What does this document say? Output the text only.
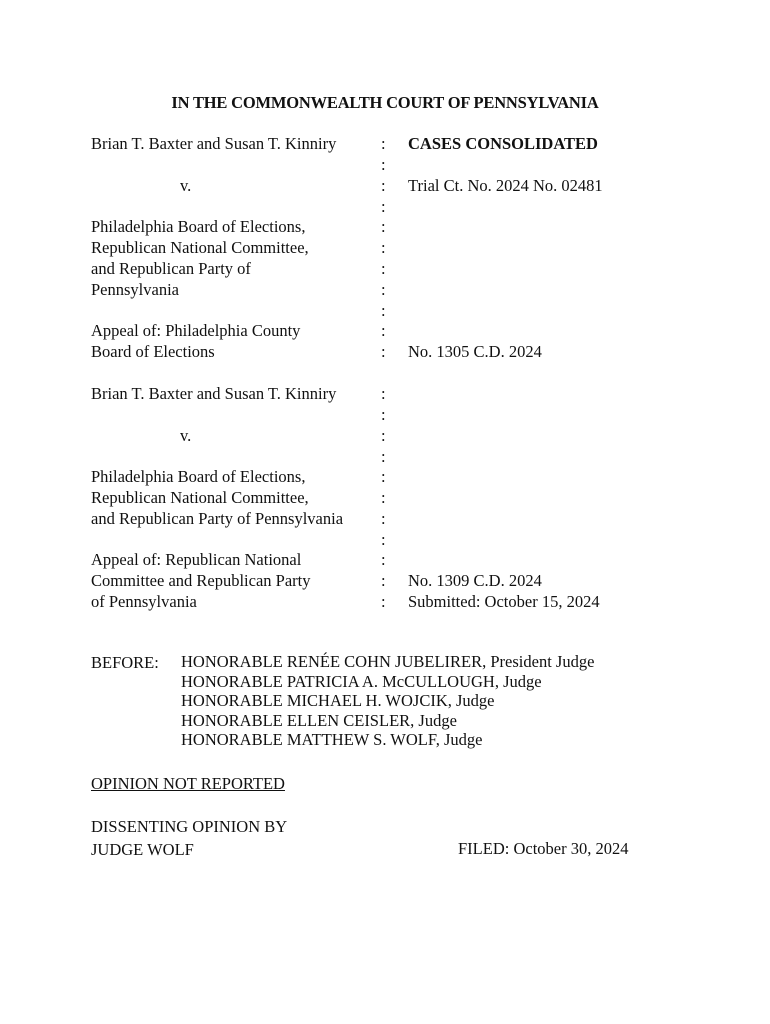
IN THE COMMONWEALTH COURT OF PENNSYLVANIA
Brian T. Baxter and Susan T. Kinniry
v.
Philadelphia Board of Elections,
Republican National Committee,
and Republican Party of
Pennsylvania
Appeal of: Philadelphia County
Board of Elections
:
:
:
:
:
:
:
:
:
:
:
CASES CONSOLIDATED
Trial Ct. No. 2024 No. 02481
No. 1305 C.D. 2024
Brian T. Baxter and Susan T. Kinniry
v.
Philadelphia Board of Elections,
Republican National Committee,
and Republican Party of Pennsylvania
Appeal of: Republican National
Committee and Republican Party
of Pennsylvania
:
:
:
:
:
:
:
:
:
:
:
No. 1309 C.D. 2024
Submitted: October 15, 2024
BEFORE: HONORABLE RENÉE COHN JUBELIRER, President Judge
HONORABLE PATRICIA A. McCULLOUGH, Judge
HONORABLE MICHAEL H. WOJCIK, Judge
HONORABLE ELLEN CEISLER, Judge
HONORABLE MATTHEW S. WOLF, Judge
OPINION NOT REPORTED
DISSENTING OPINION BY
JUDGE WOLF	FILED: October 30, 2024
